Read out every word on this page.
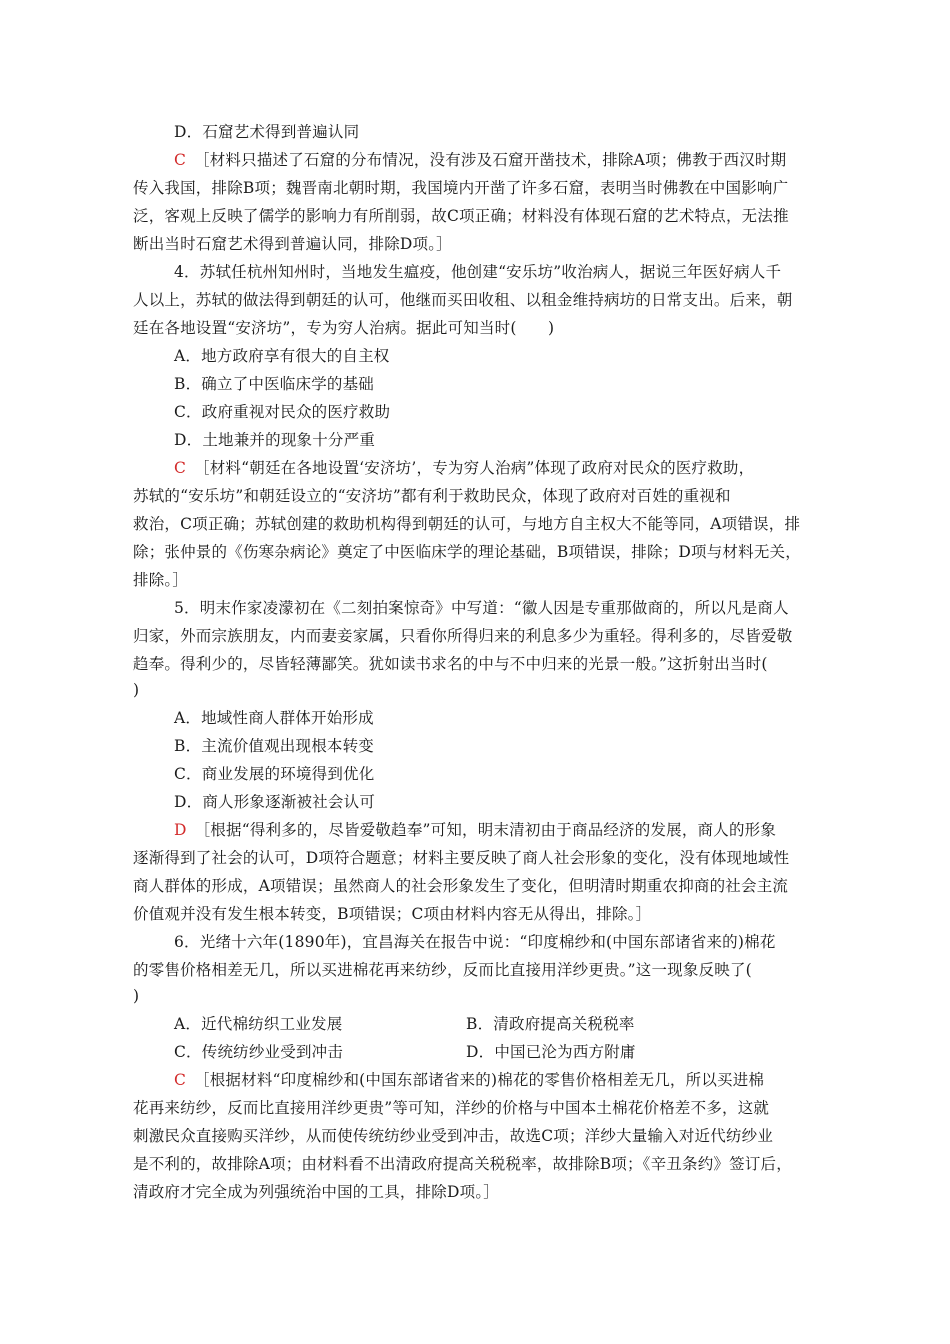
D．石窟艺术得到普遍认同
C  ［材料只描述了石窟的分布情况，没有涉及石窟开凿技术，排除A项；佛教于西汉时期
传入我国，排除B项；魏晋南北朝时期，我国境内开凿了许多石窟，表明当时佛教在中国影响广
泛，客观上反映了儒学的影响力有所削弱，故C项正确；材料没有体现石窟的艺术特点，无法推
断出当时石窟艺术得到普遍认同，排除D项。］
4．苏轼任杭州知州时，当地发生瘟疫，他创建“安乐坊”收治病人，据说三年医好病人千
人以上，苏轼的做法得到朝廷的认可，他继而买田收租、以租金维持病坊的日常支出。后来，朝
廷在各地设置“安济坊”，专为穷人治病。据此可知当时(　　)
A．地方政府享有很大的自主权
B．确立了中医临床学的基础
C．政府重视对民众的医疗救助
D．土地兼并的现象十分严重
C  ［材料“朝廷在各地设置‘安济坊’，专为穷人治病”体现了政府对民众的医疗救助，
苏轼的“安乐坊”和朝廷设立的“安济坊”都有利于救助民众，体现了政府对百姓的重视和
救治，C项正确；苏轼创建的救助机构得到朝廷的认可，与地方自主权大不能等同，A项错误，排
除；张仲景的《伤寒杂病论》奠定了中医临床学的理论基础，B项错误，排除；D项与材料无关，
排除。］
5．明末作家凌濛初在《二刻拍案惊奇》中写道：“徽人因是专重那做商的，所以凡是商人
归家，外而宗族朋友，内而妻妾家属，只看你所得归来的利息多少为重轻。得利多的，尽皆爱敬
趋奉。得利少的，尽皆轻薄鄙笑。犹如读书求名的中与不中归来的光景一般。”这折射出当时(
)
A．地域性商人群体开始形成
B．主流价值观出现根本转变
C．商业发展的环境得到优化
D．商人形象逐渐被社会认可
D  ［根据“得利多的，尽皆爱敬趋奉”可知，明末清初由于商品经济的发展，商人的形象
逐渐得到了社会的认可，D项符合题意；材料主要反映了商人社会形象的变化，没有体现地域性
商人群体的形成，A项错误；虽然商人的社会形象发生了变化，但明清时期重农抑商的社会主流
价值观并没有发生根本转变，B项错误；C项由材料内容无从得出，排除。］
6．光绪十六年(1890年)，宜昌海关在报告中说：“印度棉纱和(中国东部诸省来的)棉花
的零售价格相差无几，所以买进棉花再来纺纱，反而比直接用洋纱更贵。”这一现象反映了(
)
A．近代棉纺织工业发展	B．清政府提高关税税率
C．传统纺纱业受到冲击	D．中国已沦为西方附庸
C  ［根据材料“印度棉纱和(中国东部诸省来的)棉花的零售价格相差无几，所以买进棉
花再来纺纱，反而比直接用洋纱更贵”等可知，洋纱的价格与中国本土棉花价格差不多，这就
刺激民众直接购买洋纱，从而使传统纺纱业受到冲击，故选C项；洋纱大量输入对近代纺纱业
是不利的，故排除A项；由材料看不出清政府提高关税税率，故排除B项；《辛丑条约》签订后，
清政府才完全成为列强统治中国的工具，排除D项。］
